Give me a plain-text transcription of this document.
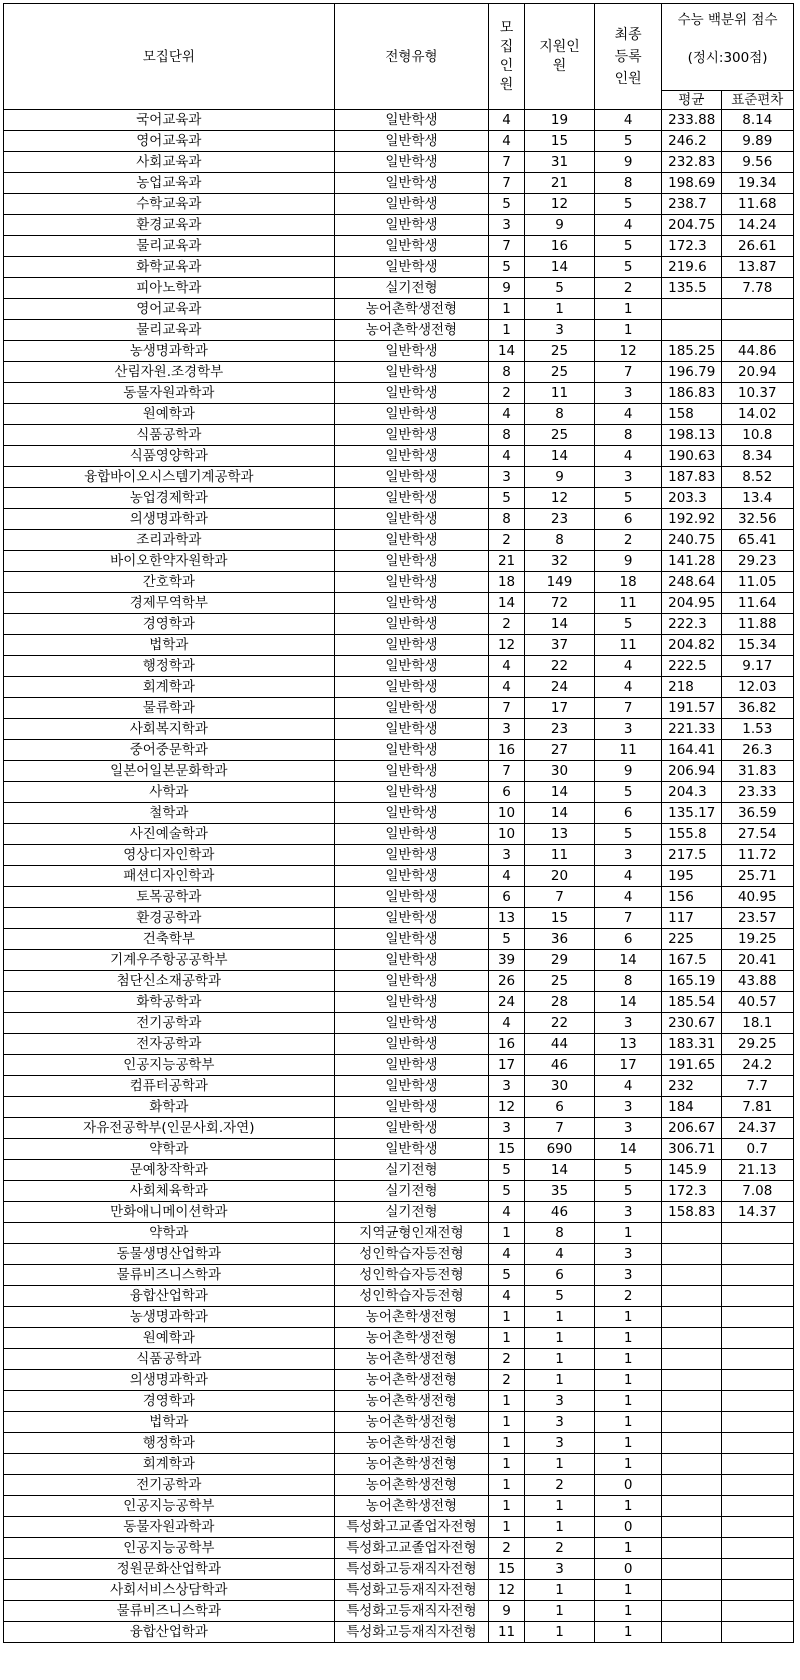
모집단위	전형유형	모집인원	지원인원	최종등록인원	수능 백분위 점수
(정시:300점)	

					평균	표준편차
국어교육과	일반학생	4	19	4	233.88	8.14
영어교육과	일반학생	4	15	5	246.2	9.89
사회교육과	일반학생	7	31	9	232.83	9.56
농업교육과	일반학생	7	21	8	198.69	19.34
수학교육과	일반학생	5	12	5	238.7	11.68
환경교육과	일반학생	3	9	4	204.75	14.24
물리교육과	일반학생	7	16	5	172.3	26.61
화학교육과	일반학생	5	14	5	219.6	13.87
피아노학과	실기전형	9	5	2	135.5	7.78
영어교육과	농어촌학생전형	1	1	1		
물리교육과	농어촌학생전형	1	3	1		
농생명과학과	일반학생	14	25	12	185.25	44.86
산림자원.조경학부	일반학생	8	25	7	196.79	20.94
동물자원과학과	일반학생	2	11	3	186.83	10.37
원예학과	일반학생	4	8	4	158	14.02
식품공학과	일반학생	8	25	8	198.13	10.8
식품영양학과	일반학생	4	14	4	190.63	8.34
융합바이오시스템기계공학과	일반학생	3	9	3	187.83	8.52
농업경제학과	일반학생	5	12	5	203.3	13.4
의생명과학과	일반학생	8	23	6	192.92	32.56
조리과학과	일반학생	2	8	2	240.75	65.41
바이오한약자원학과	일반학생	21	32	9	141.28	29.23
간호학과	일반학생	18	149	18	248.64	11.05
경제무역학부	일반학생	14	72	11	204.95	11.64
경영학과	일반학생	2	14	5	222.3	11.88
법학과	일반학생	12	37	11	204.82	15.34
행정학과	일반학생	4	22	4	222.5	9.17
회계학과	일반학생	4	24	4	218	12.03
물류학과	일반학생	7	17	7	191.57	36.82
사회복지학과	일반학생	3	23	3	221.33	1.53
중어중문학과	일반학생	16	27	11	164.41	26.3
일본어일본문화학과	일반학생	7	30	9	206.94	31.83
사학과	일반학생	6	14	5	204.3	23.33
철학과	일반학생	10	14	6	135.17	36.59
사진예술학과	일반학생	10	13	5	155.8	27.54
영상디자인학과	일반학생	3	11	3	217.5	11.72
패션디자인학과	일반학생	4	20	4	195	25.71
토목공학과	일반학생	6	7	4	156	40.95
환경공학과	일반학생	13	15	7	117	23.57
건축학부	일반학생	5	36	6	225	19.25
기계우주항공공학부	일반학생	39	29	14	167.5	20.41
첨단신소재공학과	일반학생	26	25	8	165.19	43.88
화학공학과	일반학생	24	28	14	185.54	40.57
전기공학과	일반학생	4	22	3	230.67	18.1
전자공학과	일반학생	16	44	13	183.31	29.25
인공지능공학부	일반학생	17	46	17	191.65	24.2
컴퓨터공학과	일반학생	3	30	4	232	7.7
화학과	일반학생	12	6	3	184	7.81
자유전공학부(인문사회.자연)	일반학생	3	7	3	206.67	24.37
약학과	일반학생	15	690	14	306.71	0.7
문예창작학과	실기전형	5	14	5	145.9	21.13
사회체육학과	실기전형	5	35	5	172.3	7.08
만화애니메이션학과	실기전형	4	46	3	158.83	14.37
약학과	지역균형인재전형	1	8	1		
동물생명산업학과	성인학습자등전형	4	4	3		
물류비즈니스학과	성인학습자등전형	5	6	3		
융합산업학과	성인학습자등전형	4	5	2		
농생명과학과	농어촌학생전형	1	1	1		
원예학과	농어촌학생전형	1	1	1		
식품공학과	농어촌학생전형	2	1	1		
의생명과학과	농어촌학생전형	2	1	1		
경영학과	농어촌학생전형	1	3	1		
법학과	농어촌학생전형	1	3	1		
행정학과	농어촌학생전형	1	3	1		
회계학과	농어촌학생전형	1	1	1		
전기공학과	농어촌학생전형	1	2	0		
인공지능공학부	농어촌학생전형	1	1	1		
동물자원과학과	특성화고교졸업자전형	1	1	0		
인공지능공학부	특성화고교졸업자전형	2	2	1		
정원문화산업학과	특성화고등재직자전형	15	3	0		
사회서비스상담학과	특성화고등재직자전형	12	1	1		
물류비즈니스학과	특성화고등재직자전형	9	1	1		
융합산업학과	특성화고등재직자전형	11	1	1		
